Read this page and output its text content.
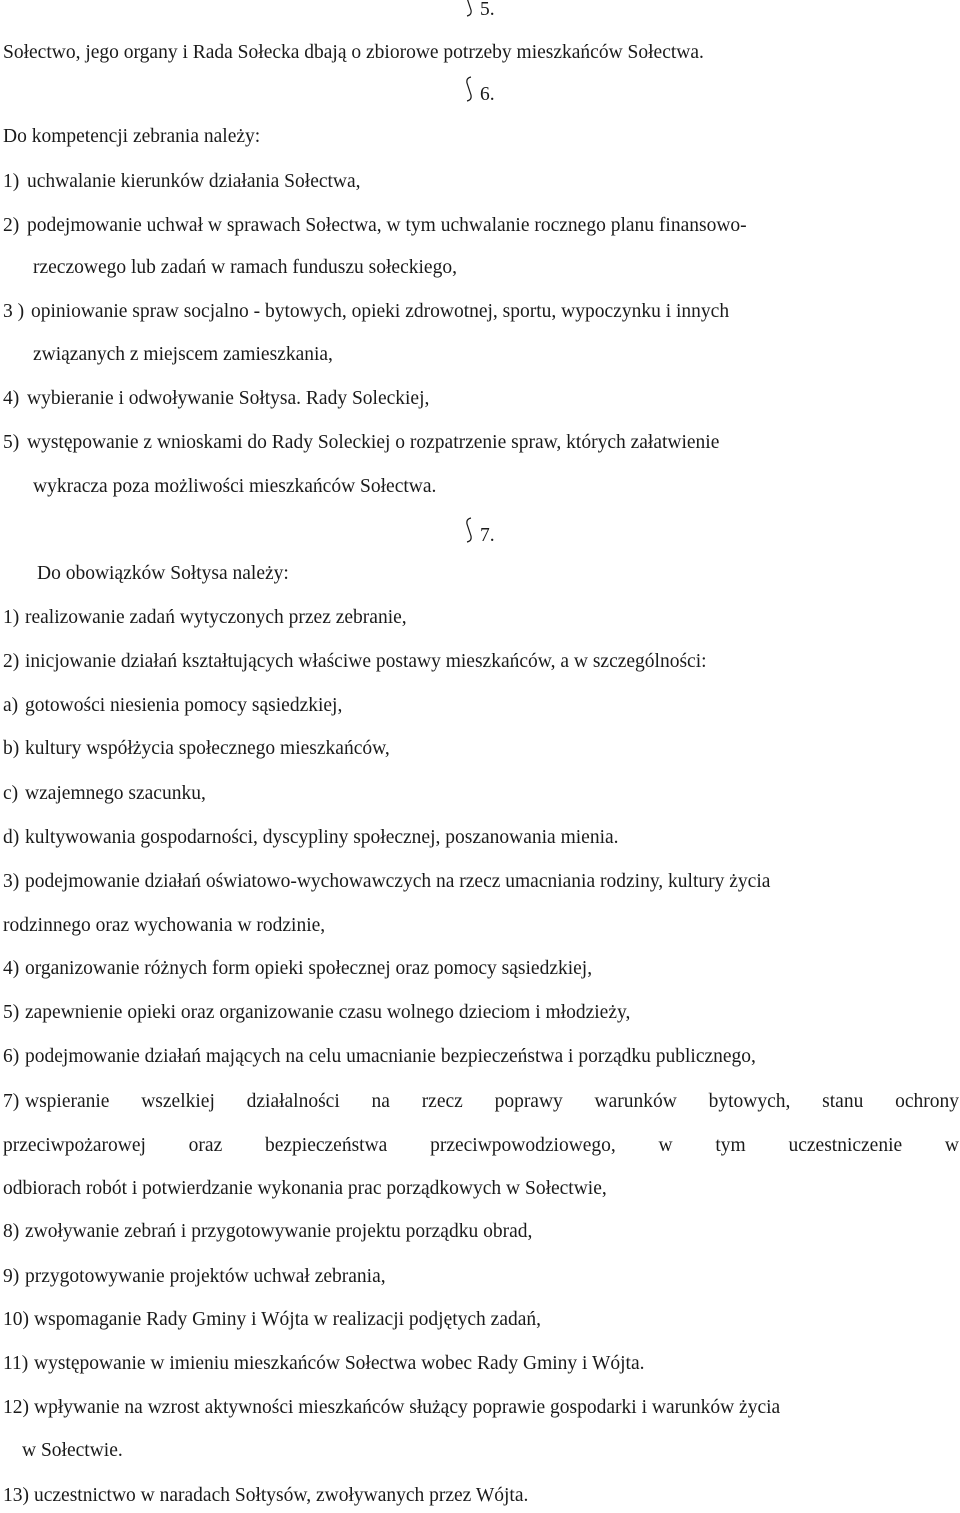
5.
Sołectwo, jego organy i Rada Sołecka dbają o zbiorowe potrzeby mieszkańców Sołectwa.
6.
Do kompetencji zebrania należy:
1) uchwalanie kierunków działania Sołectwa,
2) podejmowanie uchwał w sprawach Sołectwa, w tym uchwalanie rocznego planu finansowo-
rzeczowego lub zadań w ramach funduszu sołeckiego,
3 ) opiniowanie spraw socjalno - bytowych, opieki zdrowotnej, sportu, wypoczynku i innych
związanych z miejscem zamieszkania,
4) wybieranie i odwoływanie Sołtysa. Rady Soleckiej,
5) występowanie z wnioskami do Rady Soleckiej o rozpatrzenie spraw, których załatwienie
wykracza poza możliwości mieszkańców Sołectwa.
7.
Do obowiązków Sołtysa należy:
1) realizowanie zadań wytyczonych przez zebranie,
2) inicjowanie działań kształtujących właściwe postawy mieszkańców, a w szczególności:
a) gotowości niesienia pomocy sąsiedzkiej,
b) kultury współżycia społecznego mieszkańców,
c) wzajemnego szacunku,
d) kultywowania gospodarności, dyscypliny społecznej, poszanowania mienia.
3) podejmowanie działań oświatowo-wychowawczych na rzecz umacniania rodziny, kultury życia
rodzinnego oraz wychowania w rodzinie,
4) organizowanie różnych form opieki społecznej oraz pomocy sąsiedzkiej,
5) zapewnienie opieki oraz organizowanie czasu wolnego dzieciom i młodzieży,
6) podejmowanie działań mających na celu umacnianie bezpieczeństwa i porządku publicznego,
7) wspieranie wszelkiej działalności na rzecz poprawy warunków bytowych, stanu ochrony
przeciwpożarowej oraz bezpieczeństwa przeciwpowodziowego, w tym uczestniczenie w
odbiorach robót i potwierdzanie wykonania prac porządkowych w Sołectwie,
8) zwoływanie zebrań i przygotowywanie projektu porządku obrad,
9) przygotowywanie projektów uchwał zebrania,
10) wspomaganie Rady Gminy i Wójta w realizacji podjętych zadań,
11) występowanie w imieniu mieszkańców Sołectwa wobec Rady Gminy i Wójta.
12) wpływanie na wzrost aktywności mieszkańców służący poprawie gospodarki i warunków życia
w Sołectwie.
13) uczestnictwo w naradach Sołtysów, zwoływanych przez Wójta.
